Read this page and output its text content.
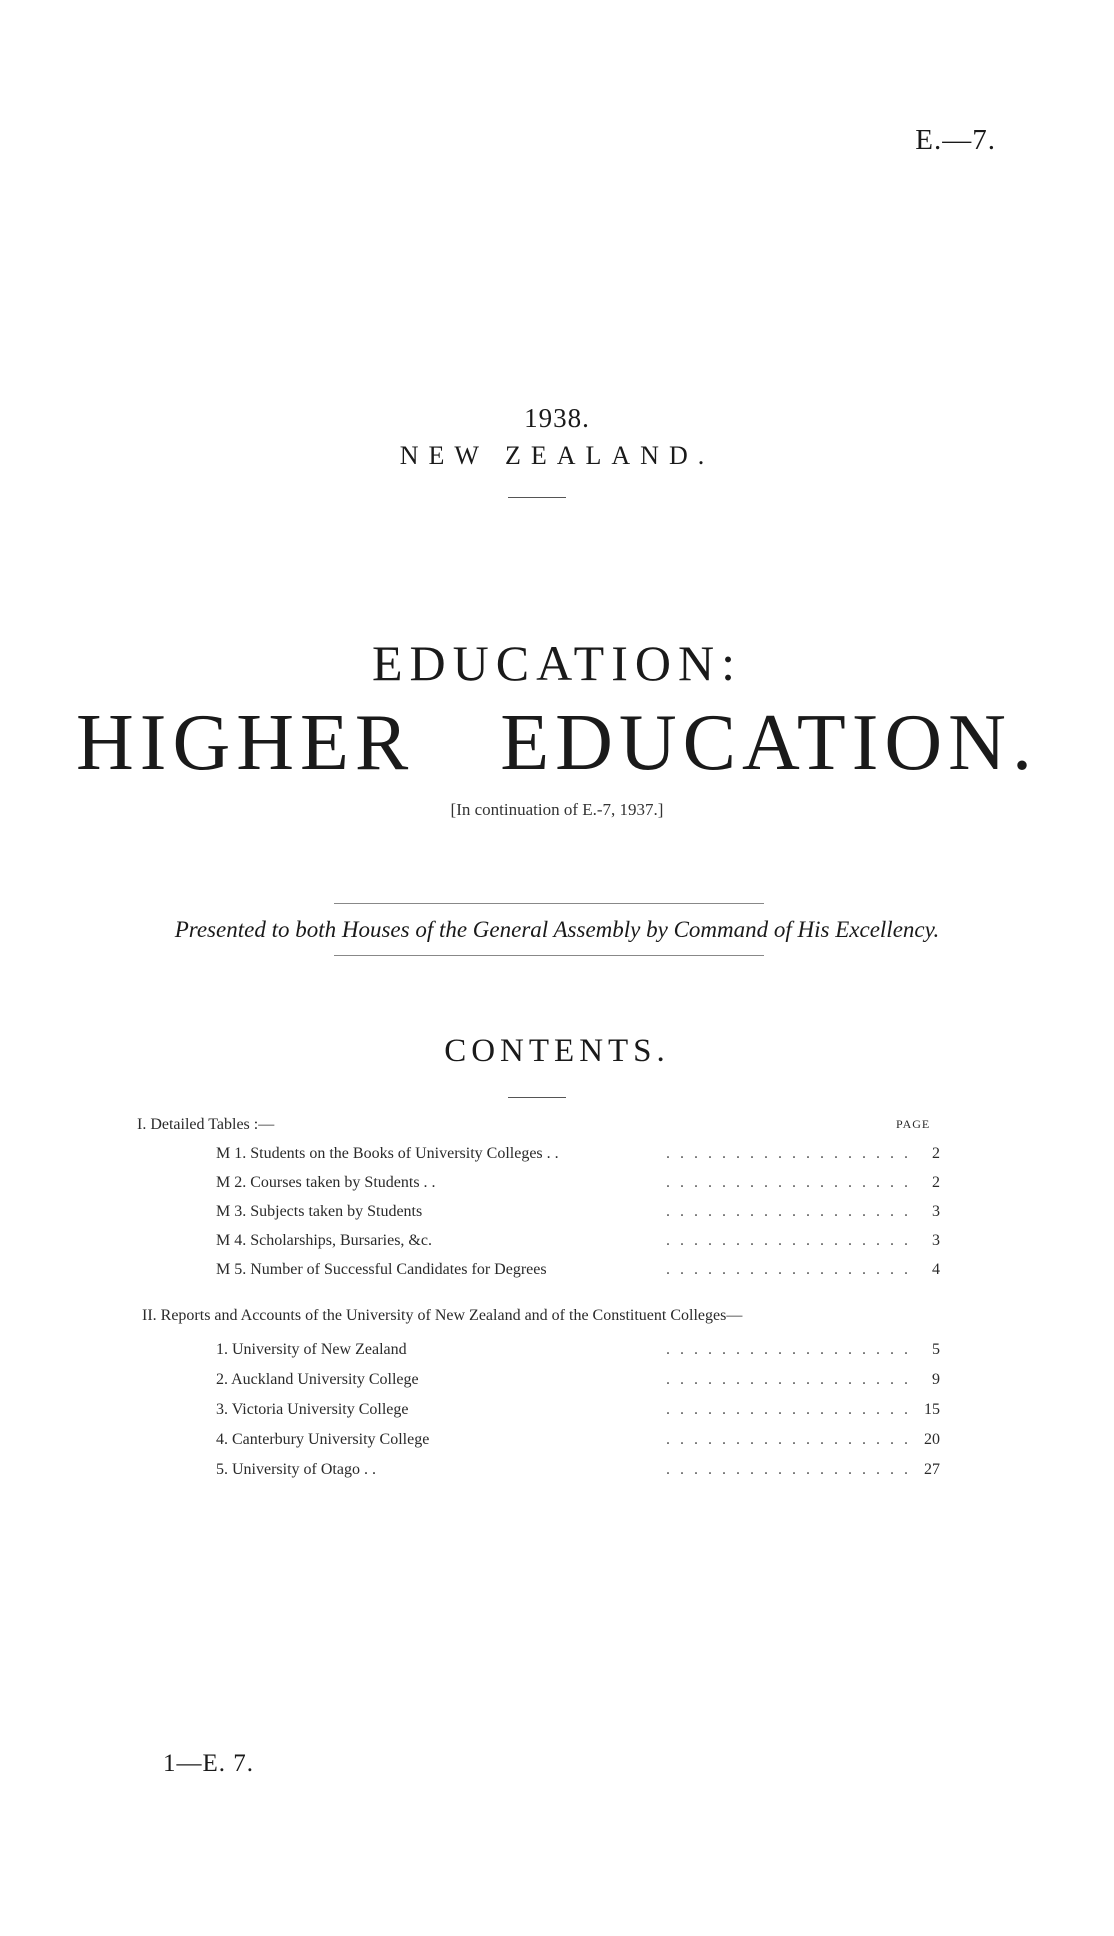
E.—7.
1938.
NEW ZEALAND.
EDUCATION:
HIGHER EDUCATION.
[In continuation of E.-7, 1937.]
Presented to both Houses of the General Assembly by Command of His Excellency.
CONTENTS.
PAGE
I. Detailed Tables :—
M 1. Students on the Books of University Colleges . .	. . . . . . . . . . . . . . . . . .	2
M 2. Courses taken by Students . .	. . . . . . . . . . . . . . . . . .	2
M 3. Subjects taken by Students	. . . . . . . . . . . . . . . . . .	3
M 4. Scholarships, Bursaries, &c.	. . . . . . . . . . . . . . . . . .	3
M 5. Number of Successful Candidates for Degrees	. . . . . . . . . . . . . . . . . .	4
II. Reports and Accounts of the University of New Zealand and of the Constituent Colleges—
1. University of New Zealand	. . . . . . . . . . . . . . . . . .	5
2. Auckland University College	. . . . . . . . . . . . . . . . . .	9
3. Victoria University College	. . . . . . . . . . . . . . . . . . 15
4. Canterbury University College	. . . . . . . . . . . . . . . . . . 20
5. University of Otago . .	. . . . . . . . . . . . . . . . . . 27
1—E. 7.
